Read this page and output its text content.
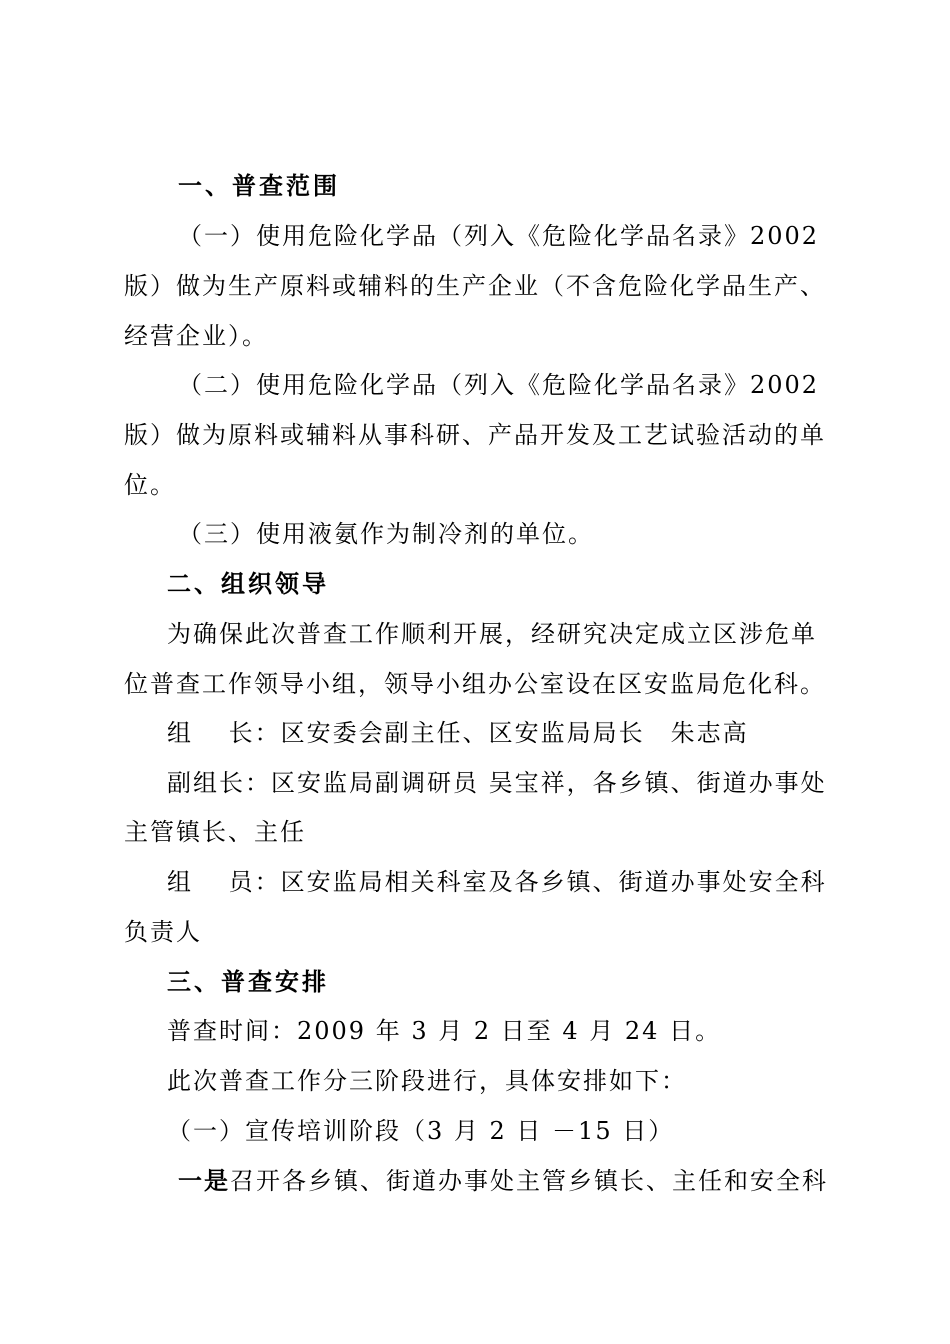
一、普查范围
（一）使用危险化学品（列入《危险化学品名录》2002
版）做为生产原料或辅料的生产企业（不含危险化学品生产、
经营企业）。
（二）使用危险化学品（列入《危险化学品名录》2002
版）做为原料或辅料从事科研、产品开发及工艺试验活动的单
位。
（三）使用液氨作为制冷剂的单位。
二、组织领导
为确保此次普查工作顺利开展，经研究决定成立区涉危单
位普查工作领导小组，领导小组办公室设在区安监局危化科。
组　 长：区安委会副主任、区安监局局长　朱志高
副组长：区安监局副调研员 吴宝祥，各乡镇、街道办事处
主管镇长、主任
组　 员：区安监局相关科室及各乡镇、街道办事处安全科
负责人
三、普查安排
普查时间：2009 年 3 月 2 日至 4 月 24 日。
此次普查工作分三阶段进行，具体安排如下：
（一）宣传培训阶段（3 月 2 日 －15 日）
一是召开各乡镇、街道办事处主管乡镇长、主任和安全科
